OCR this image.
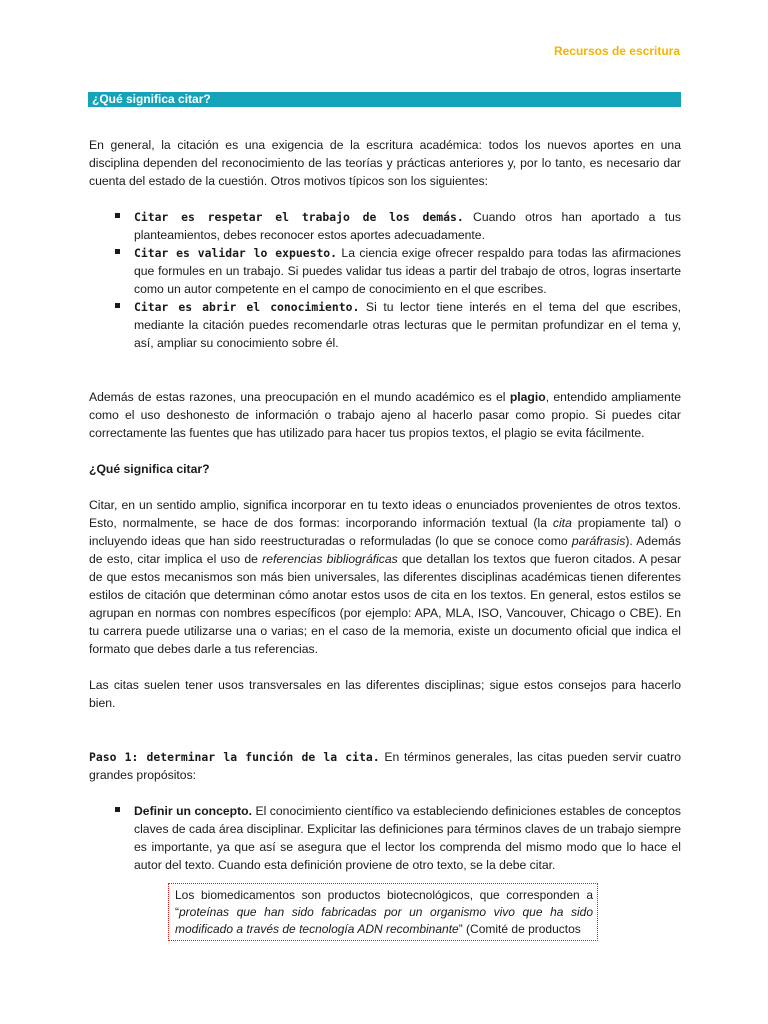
Recursos de escritura
¿Qué significa citar?

En general, la citación es una exigencia de la escritura académica: todos los nuevos aportes en una disciplina dependen del reconocimiento de las teorías y prácticas anteriores y, por lo tanto, es necesario dar cuenta del estado de la cuestión. Otros motivos típicos son los siguientes:

Citar es respetar el trabajo de los demás. Cuando otros han aportado a tus planteamientos, debes reconocer estos aportes adecuadamente.
Citar es validar lo expuesto. La ciencia exige ofrecer respaldo para todas las afirmaciones que formules en un trabajo. Si puedes validar tus ideas a partir del trabajo de otros, logras insertarte como un autor competente en el campo de conocimiento en el que escribes.
Citar es abrir el conocimiento. Si tu lector tiene interés en el tema del que escribes, mediante la citación puedes recomendarle otras lecturas que le permitan profundizar en el tema y, así, ampliar su conocimiento sobre él.

Además de estas razones, una preocupación en el mundo académico es el plagio, entendido ampliamente como el uso deshonesto de información o trabajo ajeno al hacerlo pasar como propio. Si puedes citar correctamente las fuentes que has utilizado para hacer tus propios textos, el plagio se evita fácilmente.

¿Qué significa citar?

Citar, en un sentido amplio, significa incorporar en tu texto ideas o enunciados provenientes de otros textos. Esto, normalmente, se hace de dos formas: incorporando información textual (la cita propiamente tal) o incluyendo ideas que han sido reestructuradas o reformuladas (lo que se conoce como paráfrasis). Además de esto, citar implica el uso de referencias bibliográficas que detallan los textos que fueron citados. A pesar de que estos mecanismos son más bien universales, las diferentes disciplinas académicas tienen diferentes estilos de citación que determinan cómo anotar estos usos de cita en los textos. En general, estos estilos se agrupan en normas con nombres específicos (por ejemplo: APA, MLA, ISO, Vancouver, Chicago o CBE). En tu carrera puede utilizarse una o varias; en el caso de la memoria, existe un documento oficial que indica el formato que debes darle a tus referencias.

Las citas suelen tener usos transversales en las diferentes disciplinas; sigue estos consejos para hacerlo bien.

Paso 1: determinar la función de la cita. En términos generales, las citas pueden servir cuatro grandes propósitos:

Definir un concepto. El conocimiento científico va estableciendo definiciones estables de conceptos claves de cada área disciplinar. Explicitar las definiciones para términos claves de un trabajo siempre es importante, ya que así se asegura que el lector los comprenda del mismo modo que lo hace el autor del texto. Cuando esta definición proviene de otro texto, se la debe citar.
Los biomedicamentos son productos biotecnológicos, que corresponden a “proteínas que han sido fabricadas por un organismo vivo que ha sido modificado a través de tecnología ADN recombinante” (Comité de productos
